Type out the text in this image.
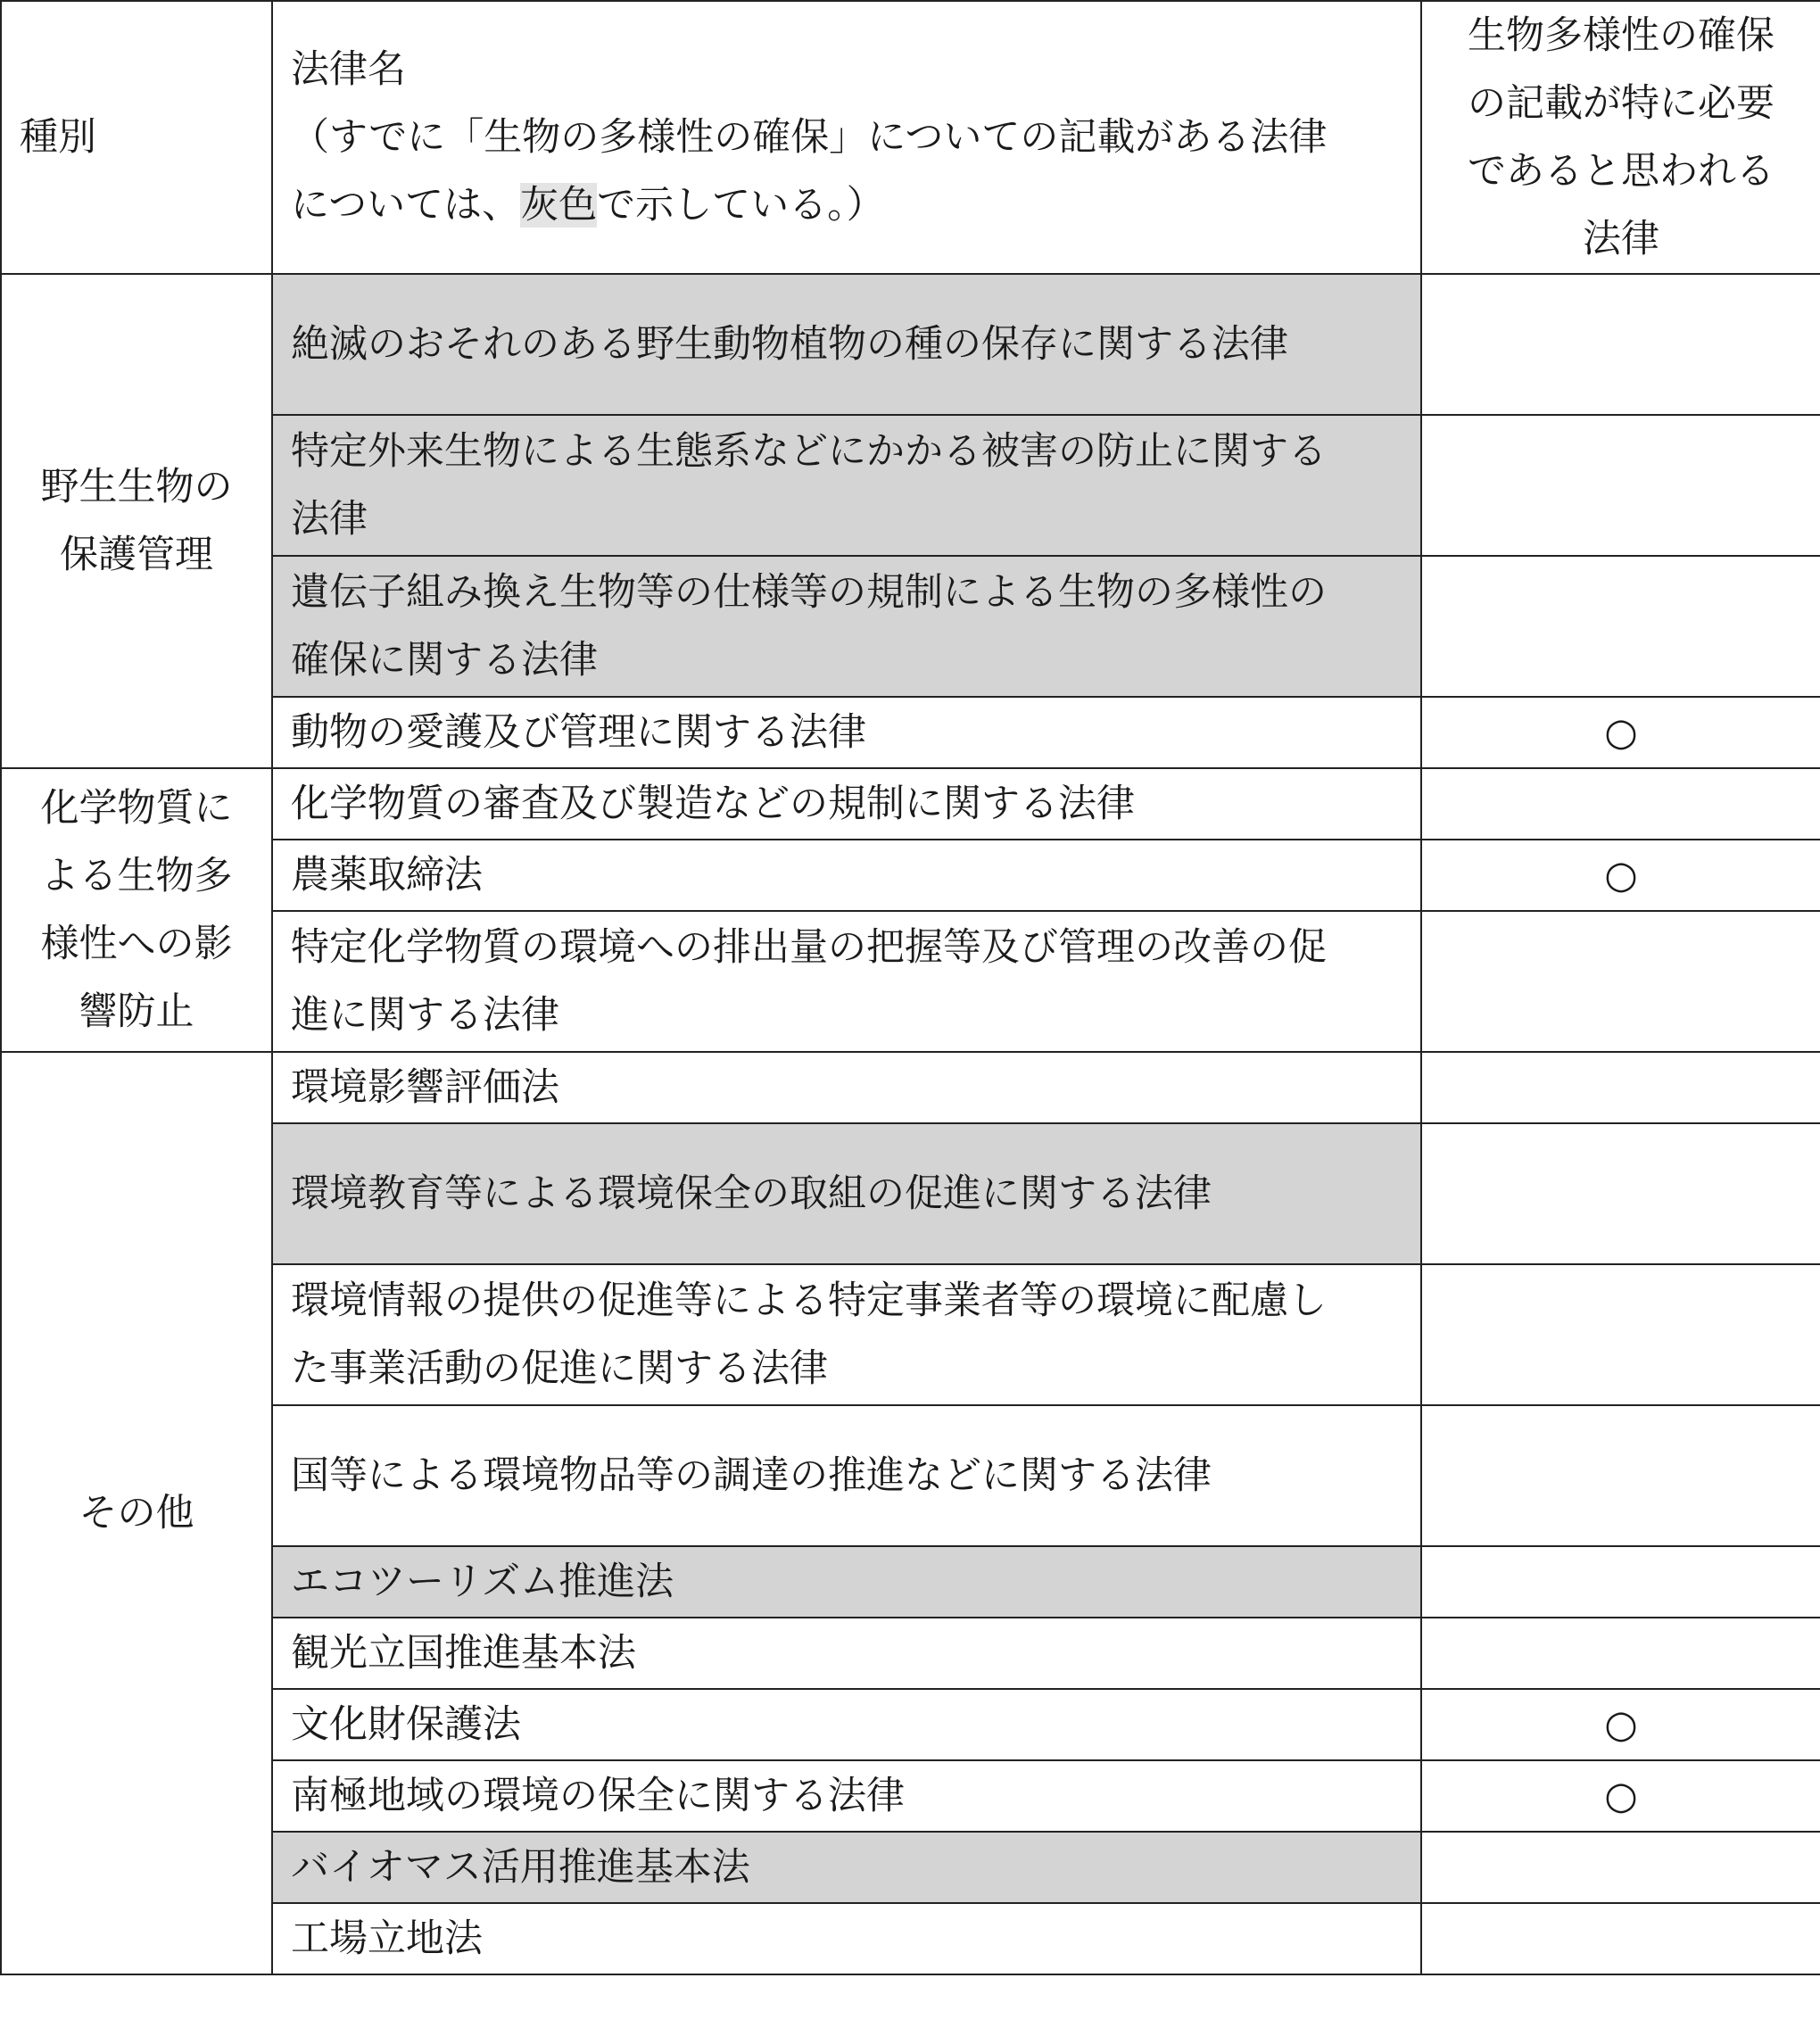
種別	法律名
（すでに「生物の多様性の確保」についての記載がある法律
については、灰色で示している。）	生物多様性の確保
の記載が特に必要
であると思われる
法律

野生生物の
保護管理	絶滅のおそれのある野生動物植物の種の保存に関する法律	

	特定外来生物による生態系などにかかる被害の防止に関する
法律	

	遺伝子組み換え生物等の仕様等の規制による生物の多様性の
確保に関する法律	

	動物の愛護及び管理に関する法律	○

化学物質に
よる生物多
様性への影
響防止	化学物質の審査及び製造などの規制に関する法律	
	農薬取締法	○

	特定化学物質の環境への排出量の把握等及び管理の改善の促
進に関する法律	

その他	環境影響評価法	
	環境教育等による環境保全の取組の促進に関する法律	

	環境情報の提供の促進等による特定事業者等の環境に配慮し
た事業活動の促進に関する法律	

	国等による環境物品等の調達の推進などに関する法律	
	エコツーリズム推進法	
	観光立国推進基本法	
	文化財保護法	○
	南極地域の環境の保全に関する法律	○
	バイオマス活用推進基本法	
	工場立地法	
